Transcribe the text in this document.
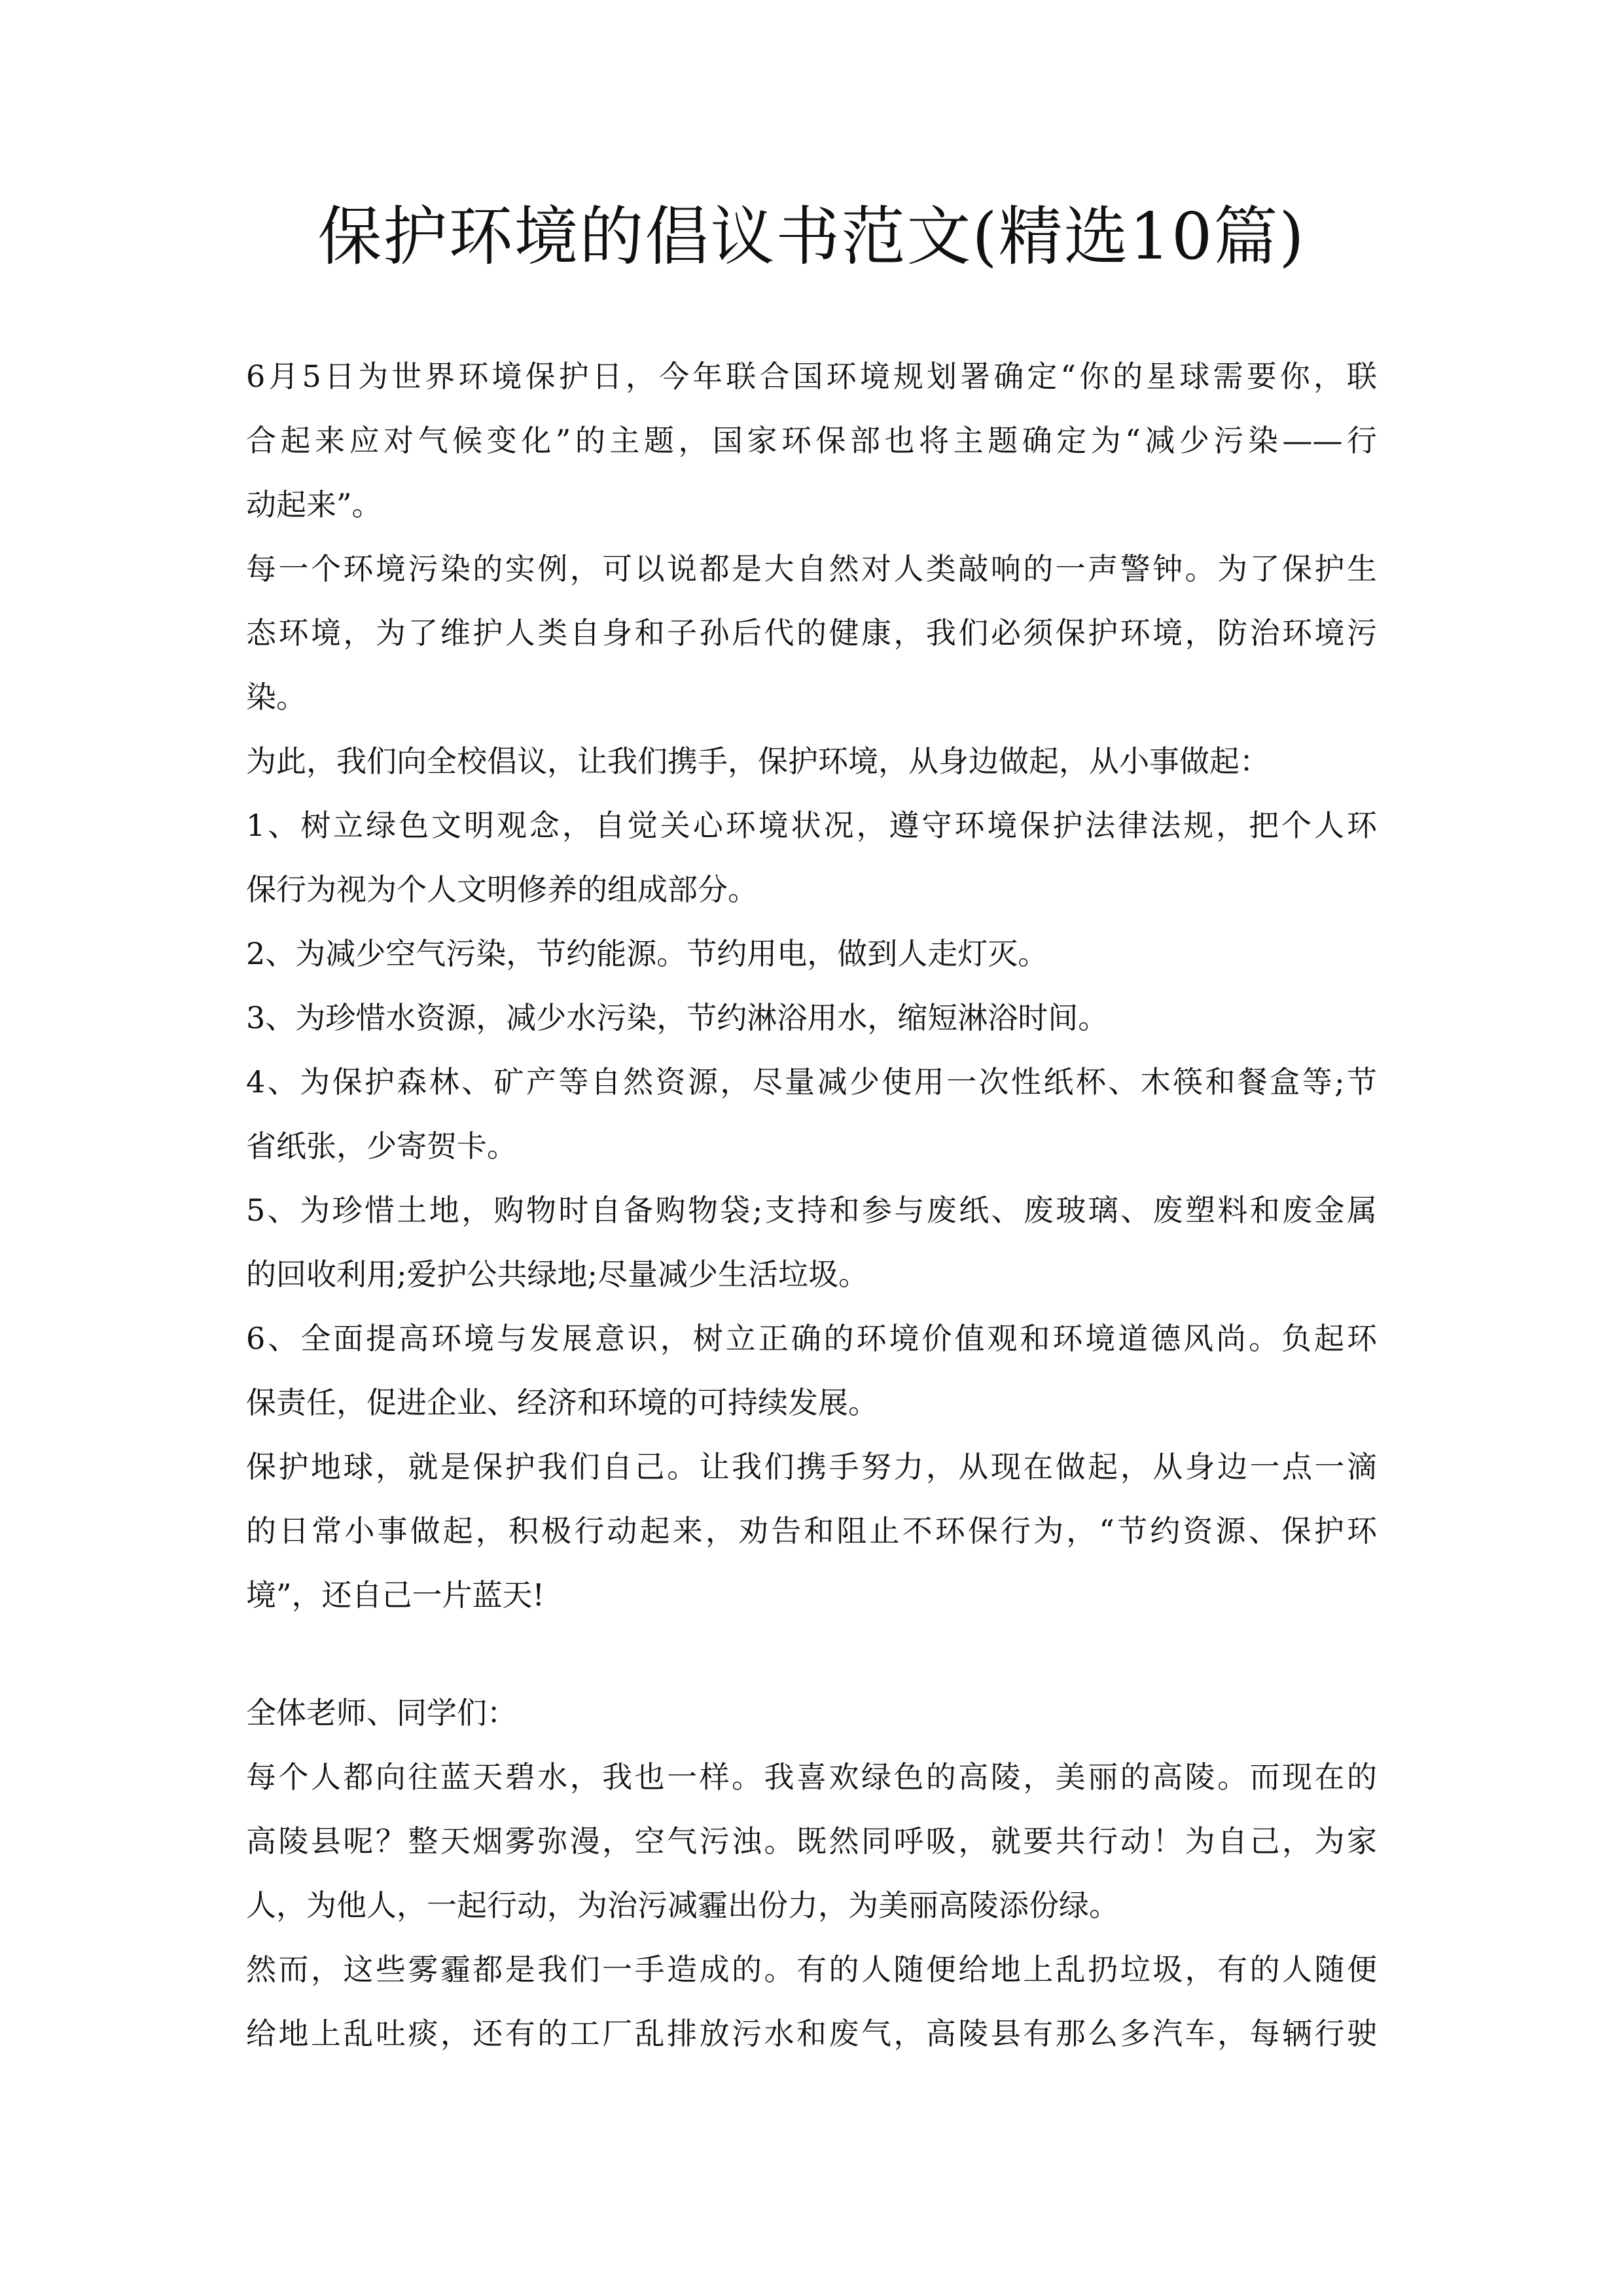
保护环境的倡议书范文(精选10篇)
6月5日为世界环境保护日，今年联合国环境规划署确定“你的星球需要你，联
合起来应对气候变化”的主题，国家环保部也将主题确定为“减少污染——行
动起来”。
每一个环境污染的实例，可以说都是大自然对人类敲响的一声警钟。为了保护生
态环境，为了维护人类自身和子孙后代的健康，我们必须保护环境，防治环境污
染。
为此，我们向全校倡议，让我们携手，保护环境，从身边做起，从小事做起：
1、树立绿色文明观念，自觉关心环境状况，遵守环境保护法律法规，把个人环
保行为视为个人文明修养的组成部分。
2、为减少空气污染，节约能源。节约用电，做到人走灯灭。
3、为珍惜水资源，减少水污染，节约淋浴用水，缩短淋浴时间。
4、为保护森林、矿产等自然资源，尽量减少使用一次性纸杯、木筷和餐盒等;节
省纸张，少寄贺卡。
5、为珍惜土地，购物时自备购物袋;支持和参与废纸、废玻璃、废塑料和废金属
的回收利用;爱护公共绿地;尽量减少生活垃圾。
6、全面提高环境与发展意识，树立正确的环境价值观和环境道德风尚。负起环
保责任，促进企业、经济和环境的可持续发展。
保护地球，就是保护我们自己。让我们携手努力，从现在做起，从身边一点一滴
的日常小事做起，积极行动起来，劝告和阻止不环保行为，“节约资源、保护环
境”，还自己一片蓝天!
全体老师、同学们：
每个人都向往蓝天碧水，我也一样。我喜欢绿色的高陵，美丽的高陵。而现在的
高陵县呢？整天烟雾弥漫，空气污浊。既然同呼吸，就要共行动！为自己，为家
人，为他人，一起行动，为治污减霾出份力，为美丽高陵添份绿。
然而，这些雾霾都是我们一手造成的。有的人随便给地上乱扔垃圾，有的人随便
给地上乱吐痰，还有的工厂乱排放污水和废气，高陵县有那么多汽车，每辆行驶
